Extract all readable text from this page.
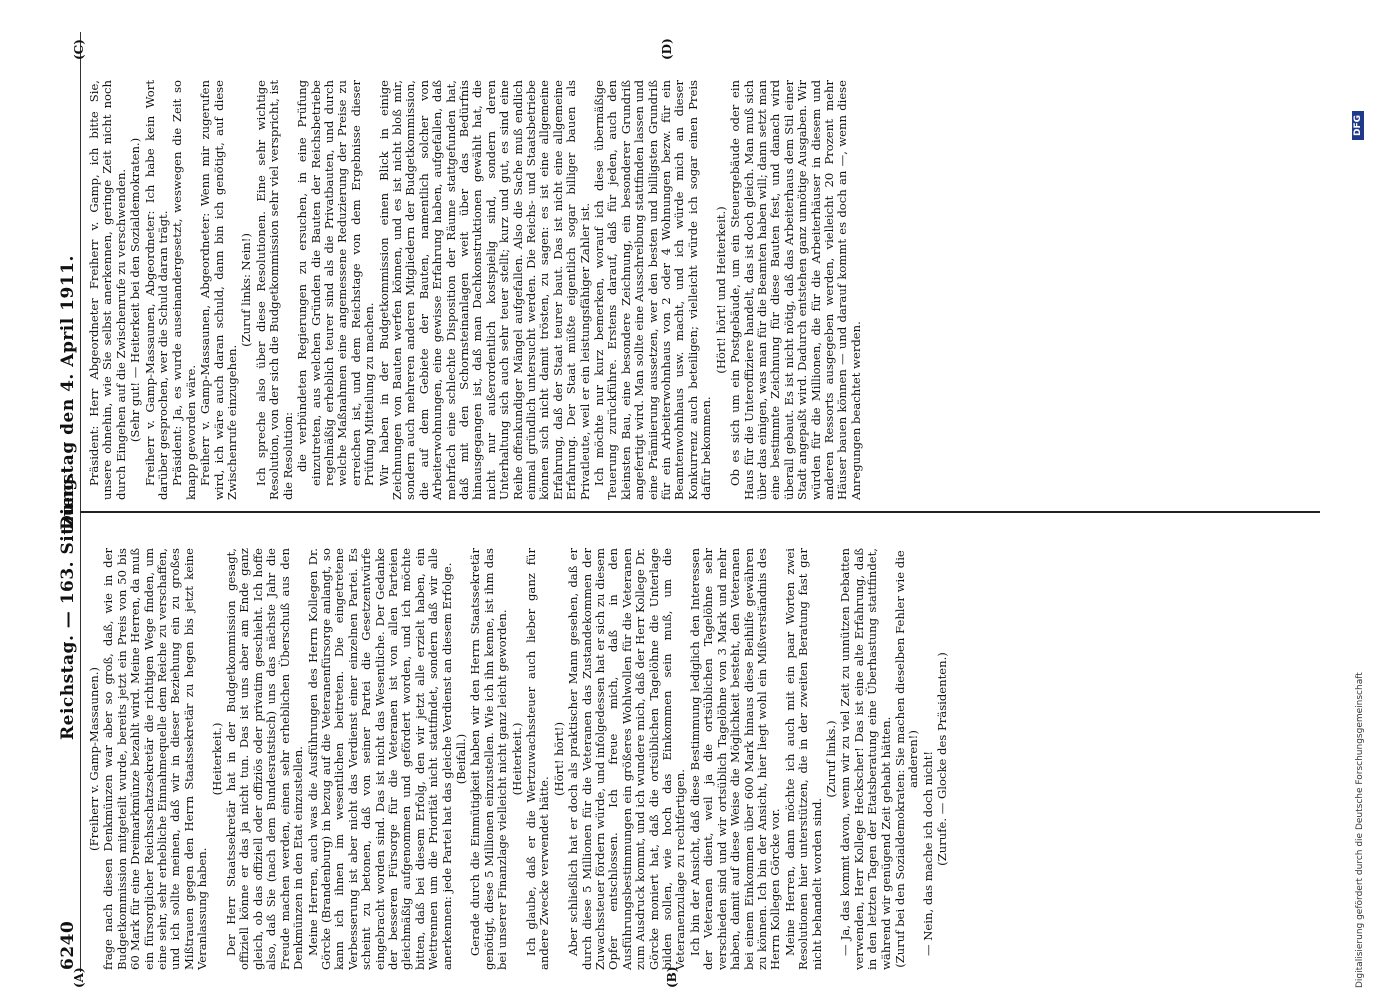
6240
Reichstag. — 163. Sitzung.
Dienstag den 4. April 1911.
(A)	(B)
(C)	(D)

(Freiherr v. Gamp-Massaunen.) frage nach diesen Denkmünzen war aber so groß, daß, wie in der Budgetkommission mitgeteilt wurde, bereits jetzt ein Preis von 50 bis 60 Mark für eine Dreimarkmünze bezahlt wird. Meine Herren, da muß ein fürsorglicher Reichsschatzsekretär die richtigen Wege finden, um eine sehr, sehr erhebliche Einnahmequelle dem Reiche zu verschaffen, und ich sollte meinen, daß wir in dieser Beziehung ein zu großes Mißtrauen gegen den Herrn Staatssekretär zu hegen bis jetzt keine Veranlassung haben.

(Heiterkeit.) Der Herr Staatssekretär hat in der Budgetkommission gesagt, offiziell könne er das ja nicht tun. Das ist uns aber am Ende ganz gleich, ob das offiziell oder offiziös oder privatim geschieht. Ich hoffe also, daß Sie (nach dem Bundesratstisch) uns das nächste Jahr die Freude machen werden, einen sehr erheblichen Überschuß aus den Denkmünzen in den Etat einzustellen. Meine Herren, auch was die Ausführungen des Herrn Kollegen Dr. Görcke (Brandenburg) in bezug auf die Veteranenfürsorge anlangt, so kann ich ihnen im wesentlichen beitreten. Die eingetretene Verbesserung ist aber nicht das Verdienst einer einzelnen Partei. Es scheint zu betonen, daß von seiner Partei die Gesetzentwürfe eingebracht worden sind. Das ist nicht das Wesentliche. Der Gedanke der besseren Fürsorge für die Veteranen ist von allen Parteien gleichmäßig aufgenommen und gefördert worden, und ich möchte bitten, daß bei diesem Erfolg, den wir jetzt alle erzielt haben, ein Wettrennen um die Priorität nicht stattfindet, sondern daß wir alle anerkennen: jede Partei hat das gleiche Verdienst an diesem Erfolge. (Beifall.) Gerade durch die Einmütigkeit haben wir den Herrn Staatssekretär genötigt, diese 5 Millionen einzustellen. Wie ich ihn kenne, ist ihm das bei unserer Finanzlage vielleicht nicht ganz leicht geworden. (Heiterkeit.) Ich glaube, daß er die Wertzuwachssteuer auch lieber ganz für andere Zwecke verwendet hätte.

(Hört! hört!) Aber schließlich hat er doch als praktischer Mann gesehen, daß er durch diese 5 Millionen für die Veteranen das Zustandekommen der Zuwachssteuer fördern würde, und infolgedessen hat er sich zu diesem Opfer entschlossen. Ich freue mich, daß in den Ausführungsbestimmungen ein größeres Wohlwollen für die Veteranen zum Ausdruck kommt, und ich wundere mich, daß der Herr Kollege Dr. Görcke moniert hat, daß die ortsüblichen Tagelöhne die Unterlage bilden sollen, wie hoch das Einkommen sein muß, um die Veteranenzulage zu rechtfertigen. Ich bin der Ansicht, daß diese Bestimmung lediglich den Interessen der Veteranen dient, weil ja die ortsüblichen Tagelöhne sehr verschieden sind und wir ortsüblich Tagelöhne von 3 Mark und mehr haben, damit auf diese Weise die Möglichkeit besteht, den Veteranen bei einem Einkommen über 600 Mark hinaus diese Beihilfe gewähren zu können. Ich bin der Ansicht, hier liegt wohl ein Mißverständnis des Herrn Kollegen Görcke vor. Meine Herren, dann möchte ich auch mit ein paar Worten zwei Resolutionen hier unterstützen, die in der zweiten Beratung fast gar nicht behandelt worden sind.

(Zuruf links.) — Ja, das kommt davon, wenn wir zu viel Zeit zu unnützen Debatten verwenden, Herr Kollege Heckscher! Das ist eine alte Erfahrung, daß in den letzten Tagen der Etatsberatung eine Überhastung stattfindet, während wir genügend Zeit gehabt hätten. (Zuruf bei den Sozialdemokraten: Sie machen dieselben Fehler wie die anderen!) — Nein, das mache ich doch nicht! (Zurufe. — Glocke des Präsidenten.)

Präsident: Herr Abgeordneter Freiherr v. Gamp, ich bitte Sie, unsere ohnehin, wie Sie selbst anerkennen, geringe Zeit nicht noch durch Eingehen auf die Zwischenrufe zu verschwenden. (Sehr gut! — Heiterkeit bei den Sozialdemokraten.) Freiherr v. Gamp-Massaunen, Abgeordneter: Ich habe kein Wort darüber gesprochen, wer die Schuld daran trägt. Präsident: Ja, es wurde auseinandergesetzt, weswegen die Zeit so knapp geworden wäre. Freiherr v. Gamp-Massaunen, Abgeordneter: Wenn mir zugerufen wird, ich wäre auch daran schuld, dann bin ich genötigt, auf diese Zwischenrufe einzugehen.

(Zuruf links: Nein!) Ich spreche also über diese Resolutionen. Eine sehr wichtige Resolution, von der sich die Budgetkommission sehr viel verspricht, ist die Resolution: die verbündeten Regierungen zu ersuchen, in eine Prüfung einzutreten, aus welchen Gründen die Bauten der Reichsbetriebe regelmäßig erheblich teurer sind als die Privatbauten, und durch welche Maßnahmen eine angemessene Reduzierung der Preise zu erreichen ist, und dem Reichstage von dem Ergebnisse dieser Prüfung Mitteilung zu machen. Wir haben in der Budgetkommission einen Blick in einige Zeichnungen von Bauten werfen können, und es ist nicht bloß mir, sondern auch mehreren anderen Mitgliedern der Budgetkommission, die auf dem Gebiete der Bauten, namentlich solcher von Arbeiterwohnungen, eine gewisse Erfahrung haben, aufgefallen, daß mehrfach eine schlechte Disposition der Räume stattgefunden hat, daß mit den Schornsteinanlagen weit über das Bedürfnis hinausgegangen ist, daß man Dachkonstruktionen gewählt hat, die nicht nur außerordentlich kostspielig sind, sondern deren Unterhaltung sich auch sehr teuer stellt; kurz und gut, es sind eine Reihe offenkundiger Mängel aufgefallen. Also die Sache muß endlich einmal gründlich untersucht werden. Die Reichs- und Staatsbetriebe können sich nicht damit trösten, zu sagen: es ist eine allgemeine Erfahrung, daß der Staat teurer baut. Das ist nicht eine allgemeine Erfahrung. Der Staat müßte eigentlich sogar billiger bauen als Privatleute, weil er ein leistungsfähiger Zahler ist. Ich möchte nur kurz bemerken, worauf ich diese übermäßige Teuerung zurückführe. Erstens darauf, daß für jeden, auch den kleinsten Bau, eine besondere Zeichnung, ein besonderer Grundriß angefertigt wird. Man sollte eine Ausschreibung stattfinden lassen und eine Prämiierung aussetzen, wer den besten und billigsten Grundriß für ein Arbeiterwohnhaus von 2 oder 4 Wohnungen bezw. für ein Beamtenwohnhaus usw. macht, und ich würde mich an dieser Konkurrenz auch beteiligen; vielleicht würde ich sogar einen Preis dafür bekommen.

(Hört! hört! und Heiterkeit.) Ob es sich um ein Postgebäude, um ein Steuergebäude oder ein Haus für die Unteroffiziere handelt, das ist doch gleich. Man muß sich über das einigen, was man für die Beamten haben will; dann setzt man eine bestimmte Zeichnung für diese Bauten fest, und danach wird überall gebaut. Es ist nicht nötig, daß das Arbeiterhaus dem Stil einer Stadt angepaßt wird. Dadurch entstehen ganz unnötige Ausgaben. Wir würden für die Millionen, die für die Arbeiterhäuser in diesem und anderen Ressorts ausgegeben werden, vielleicht 20 Prozent mehr Häuser bauen können — und darauf kommt es doch an —, wenn diese Anregungen beachtet werden.

Digitalisierung gefördert durch die Deutsche Forschungsgemeinschaft
DFG
